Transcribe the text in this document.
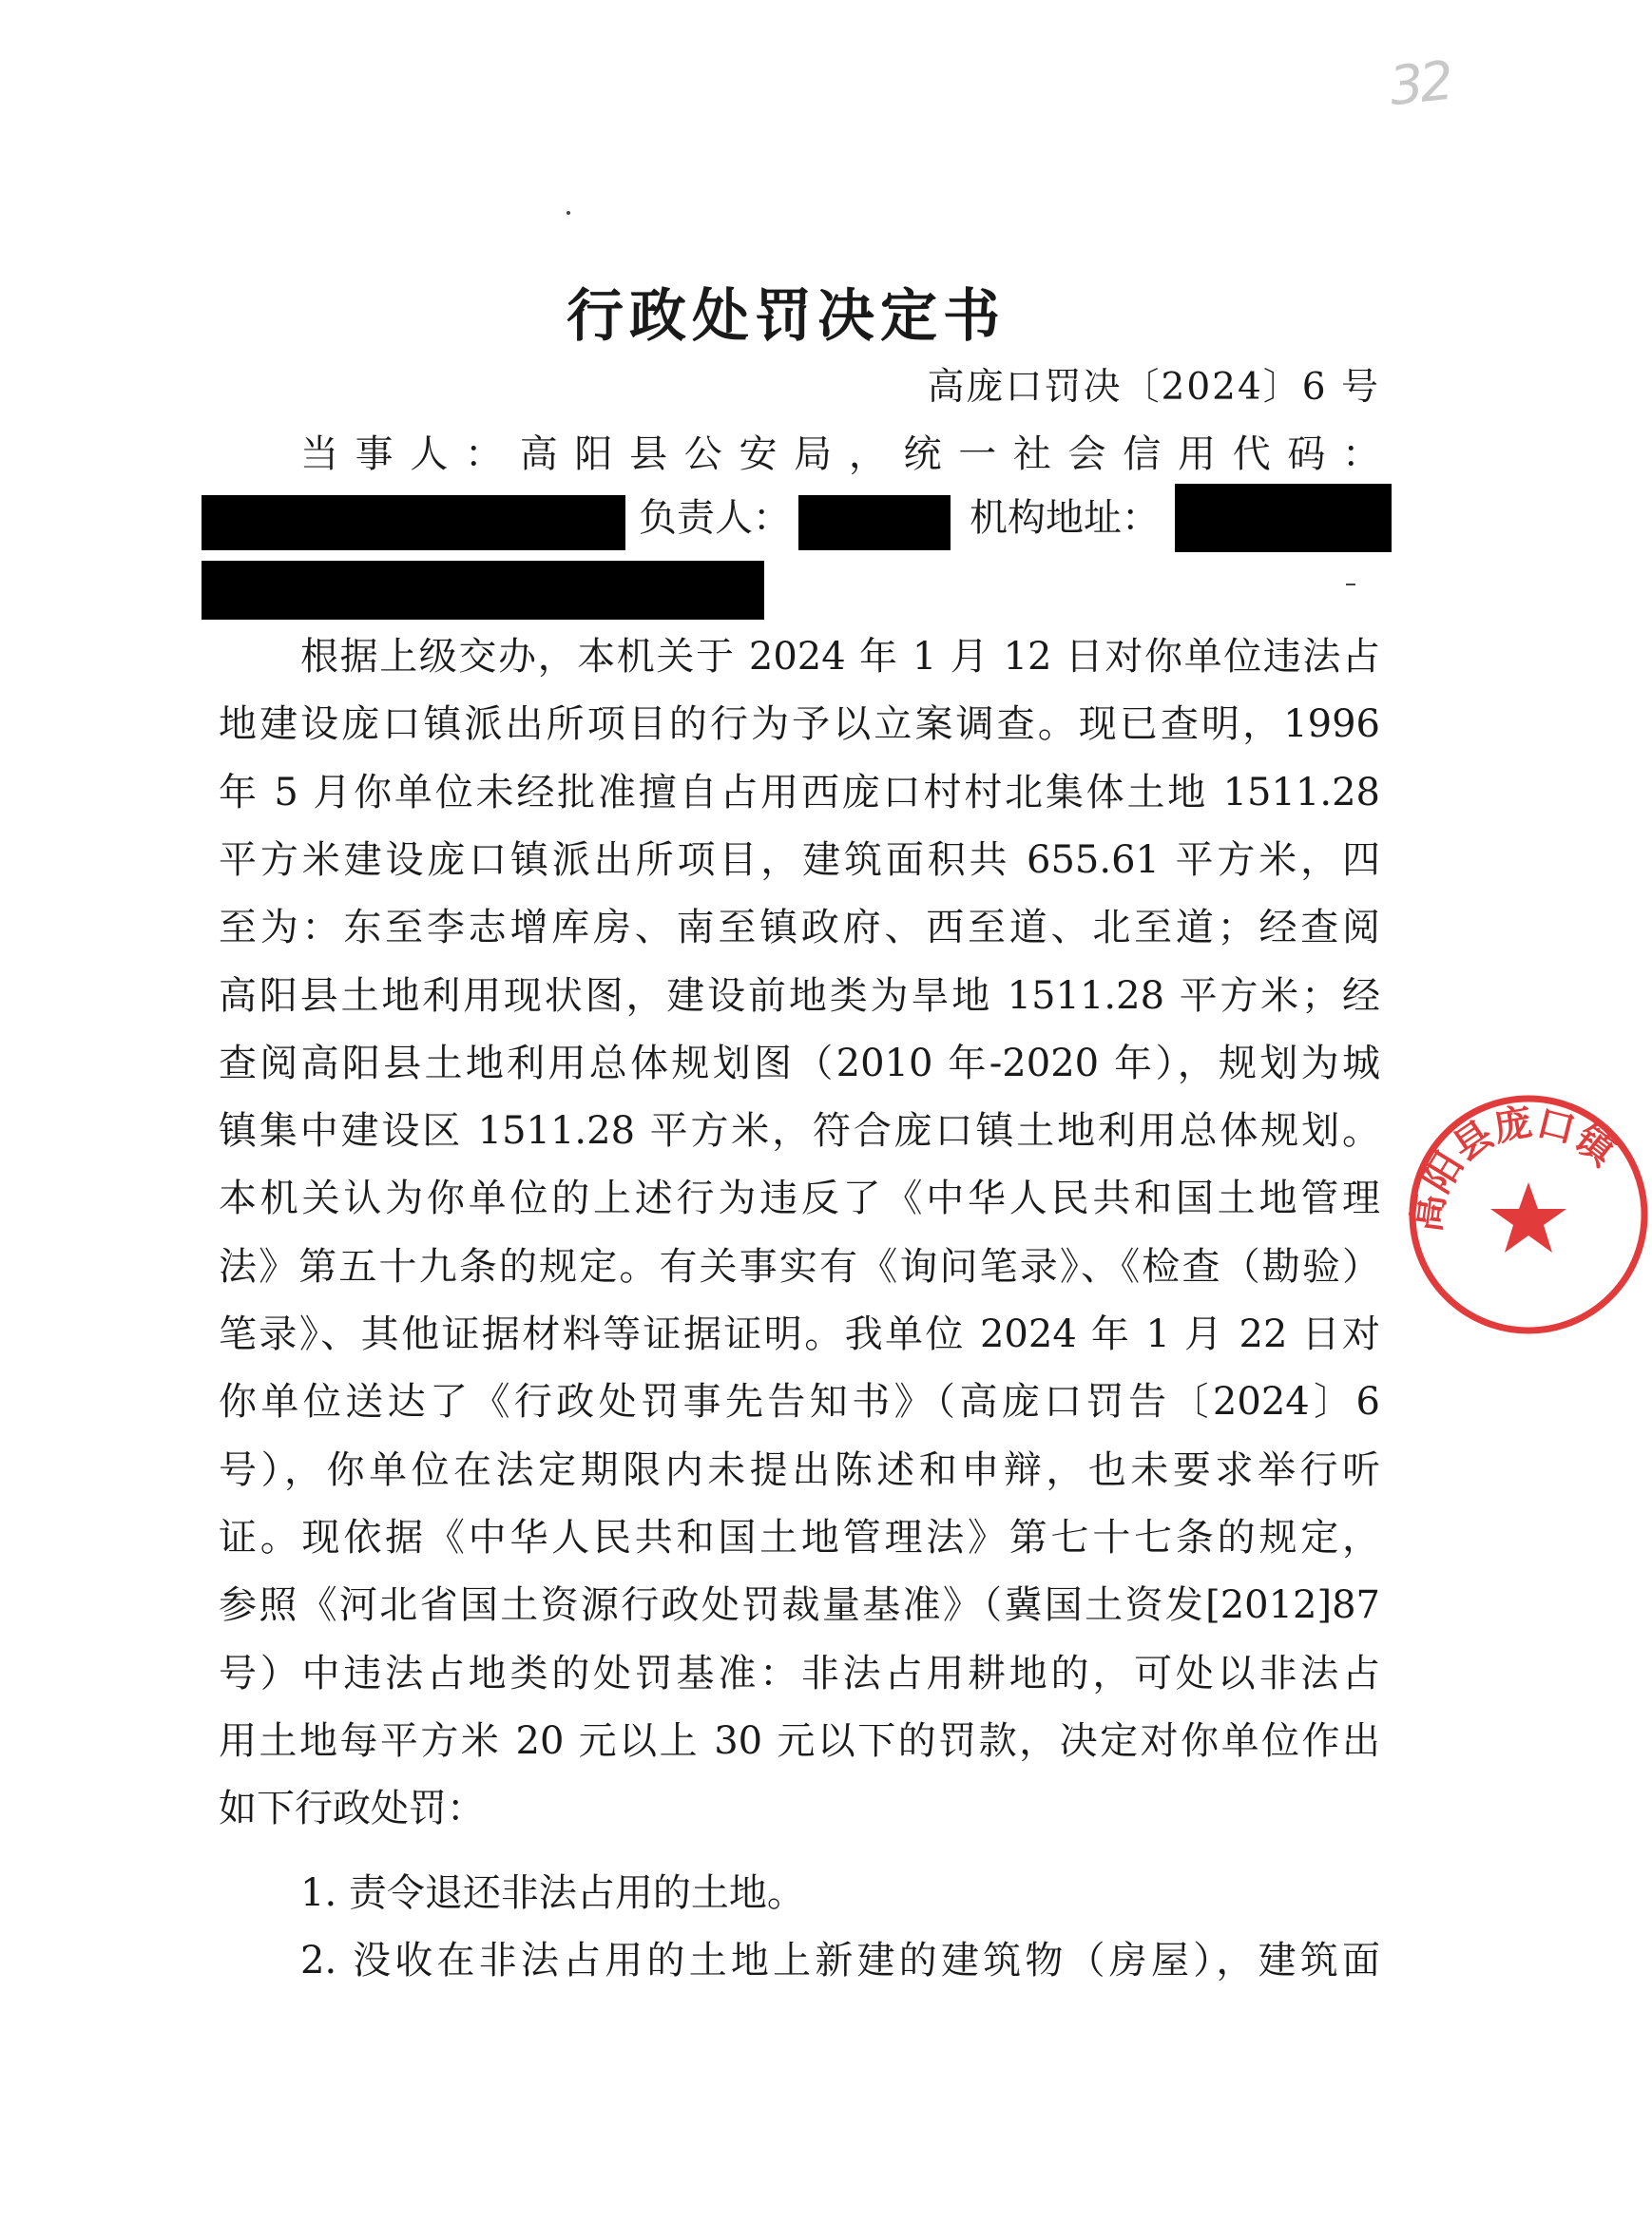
32
行政处罚决定书
高庞口罚决〔2024〕6 号
当事人：高阳县公安局，统一社会信用代码：
负责人：	机构地址：
根据上级交办，本机关于 2024 年 1 月 12 日对你单位违法占
地建设庞口镇派出所项目的行为予以立案调查。现已查明，1996
年 5 月你单位未经批准擅自占用西庞口村村北集体土地 1511.28
平方米建设庞口镇派出所项目，建筑面积共 655.61 平方米，四
至为：东至李志增库房、南至镇政府、西至道、北至道；经查阅
高阳县土地利用现状图，建设前地类为旱地 1511.28 平方米；经
查阅高阳县土地利用总体规划图（2010 年-2020 年），规划为城
镇集中建设区 1511.28 平方米，符合庞口镇土地利用总体规划。
本机关认为你单位的上述行为违反了《中华人民共和国土地管理
法》第五十九条的规定。有关事实有《询问笔录》、《检查（勘验）
笔录》、其他证据材料等证据证明。我单位 2024 年 1 月 22 日对
你单位送达了《行政处罚事先告知书》（高庞口罚告〔2024〕6
号），你单位在法定期限内未提出陈述和申辩，也未要求举行听
证。现依据《中华人民共和国土地管理法》第七十七条的规定，
参照《河北省国土资源行政处罚裁量基准》（冀国土资发[2012]87
号）中违法占地类的处罚基准：非法占用耕地的，可处以非法占
用土地每平方米 20 元以上 30 元以下的罚款，决定对你单位作出
如下行政处罚：
1. 责令退还非法占用的土地。
2. 没收在非法占用的土地上新建的建筑物（房屋），建筑面
高阳县庞口镇
